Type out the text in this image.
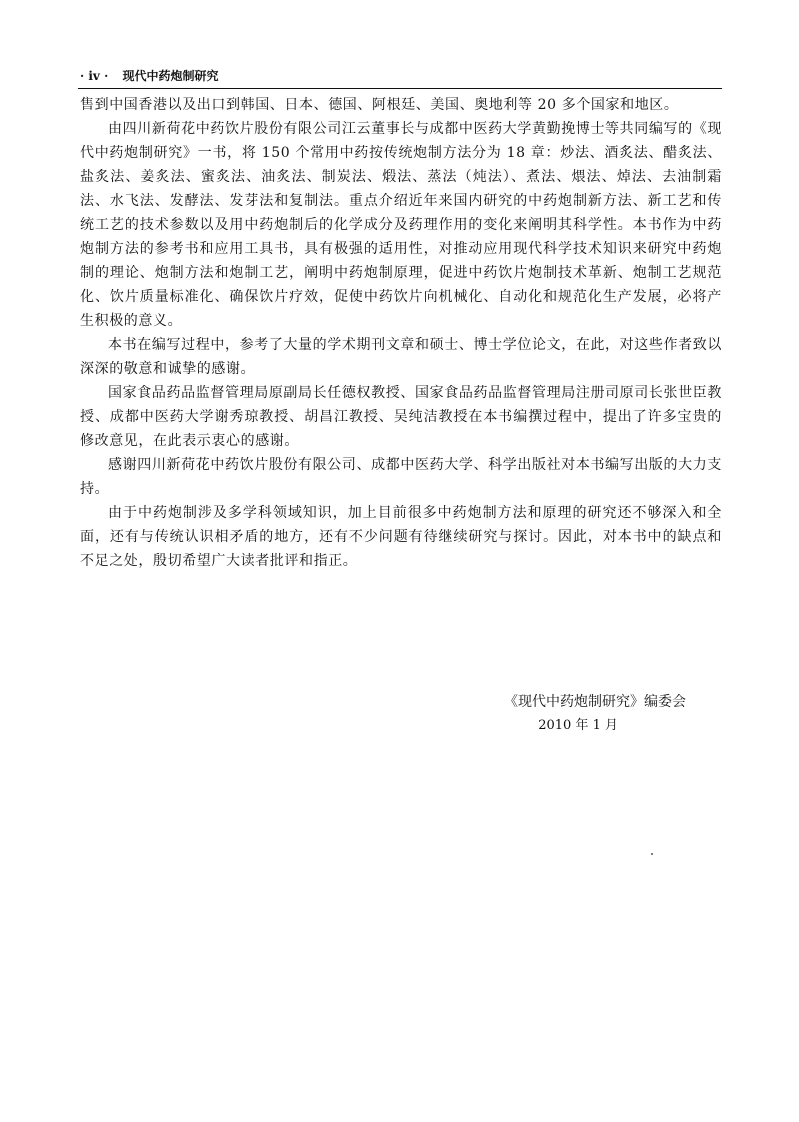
· iv · 现代中药炮制研究

售到中国香港以及出口到韩国、日本、德国、阿根廷、美国、奥地利等 20 多个国家和地区。

由四川新荷花中药饮片股份有限公司江云董事长与成都中医药大学黄勤挽博士等共同编写的《现代中药炮制研究》一书，将 150 个常用中药按传统炮制方法分为 18 章：炒法、酒炙法、醋炙法、盐炙法、姜炙法、蜜炙法、油炙法、制炭法、煅法、蒸法（炖法）、煮法、煨法、焯法、去油制霜法、水飞法、发酵法、发芽法和复制法。重点介绍近年来国内研究的中药炮制新方法、新工艺和传统工艺的技术参数以及用中药炮制后的化学成分及药理作用的变化来阐明其科学性。本书作为中药炮制方法的参考书和应用工具书，具有极强的适用性，对推动应用现代科学技术知识来研究中药炮制的理论、炮制方法和炮制工艺，阐明中药炮制原理，促进中药饮片炮制技术革新、炮制工艺规范化、饮片质量标准化、确保饮片疗效，促使中药饮片向机械化、自动化和规范化生产发展，必将产生积极的意义。

本书在编写过程中，参考了大量的学术期刊文章和硕士、博士学位论文，在此，对这些作者致以深深的敬意和诚挚的感谢。

国家食品药品监督管理局原副局长任德权教授、国家食品药品监督管理局注册司原司长张世臣教授、成都中医药大学谢秀琼教授、胡昌江教授、吴纯洁教授在本书编撰过程中，提出了许多宝贵的修改意见，在此表示衷心的感谢。

感谢四川新荷花中药饮片股份有限公司、成都中医药大学、科学出版社对本书编写出版的大力支持。

由于中药炮制涉及多学科领域知识，加上目前很多中药炮制方法和原理的研究还不够深入和全面，还有与传统认识相矛盾的地方，还有不少问题有待继续研究与探讨。因此，对本书中的缺点和不足之处，殷切希望广大读者批评和指正。

《现代中药炮制研究》编委会
2010 年 1 月
